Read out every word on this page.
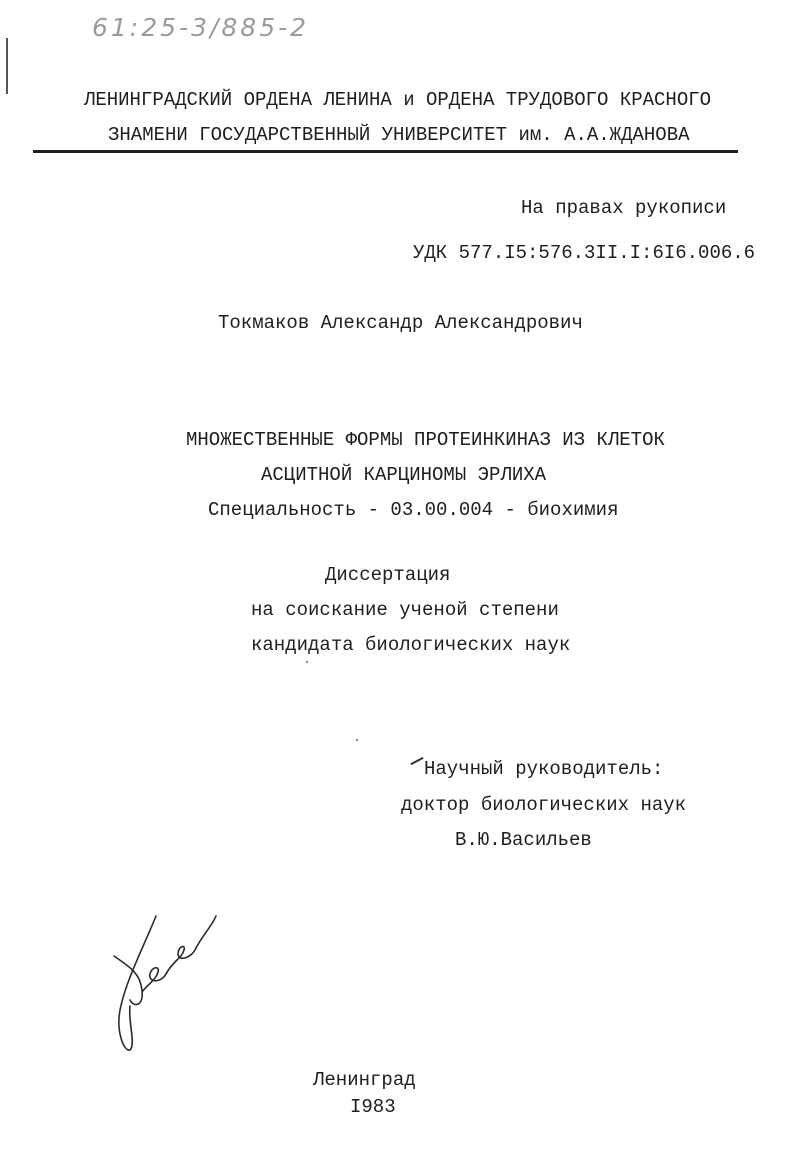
61:25-3/885-2
ЛЕНИНГРАДСКИЙ ОРДЕНА ЛЕНИНА и ОРДЕНА ТРУДОВОГО КРАСНОГО
ЗНАМЕНИ ГОСУДАРСТВЕННЫЙ УНИВЕРСИТЕТ им. А.А.ЖДАНОВА
На правах рукописи
УДК 577.I5:576.3II.I:6I6.006.6
Токмаков Александр Александрович
МНОЖЕСТВЕННЫЕ ФОРМЫ ПРОТЕИНКИНАЗ ИЗ КЛЕТОК
АСЦИТНОЙ КАРЦИНОМЫ ЭРЛИХА
Специальность - 03.00.004 - биохимия
Диссертация
на соискание ученой степени
кандидата биологических наук
Научный руководитель:
доктор биологических наук
В.Ю.Васильев
Ленинград
I983
